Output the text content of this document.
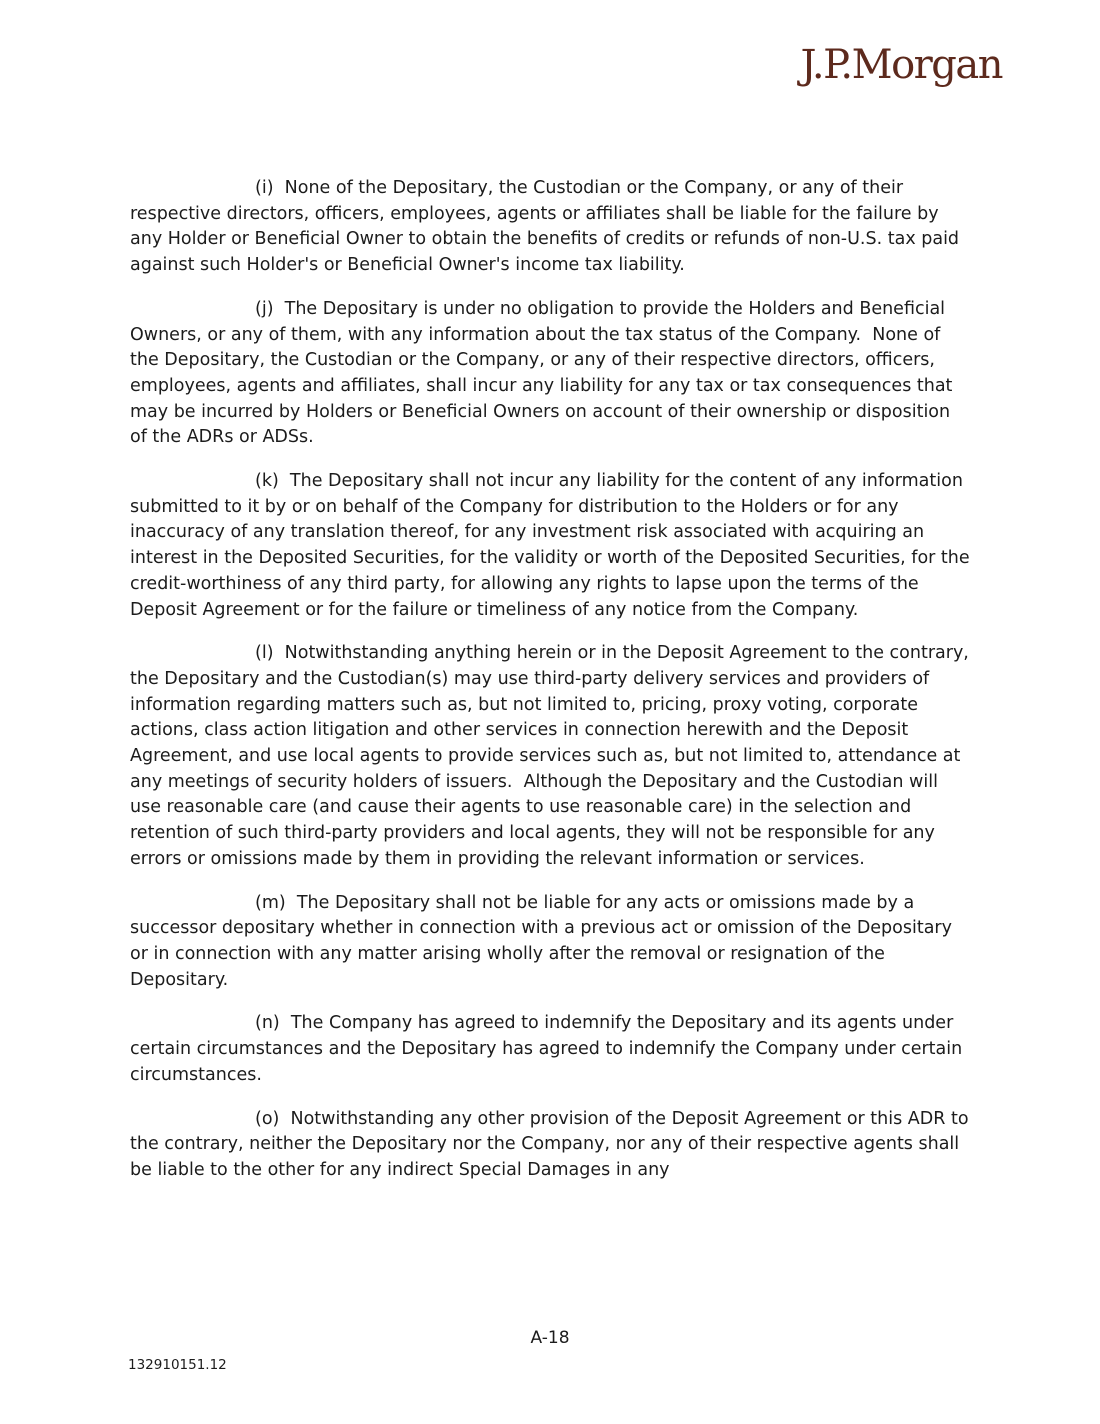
J.P.Morgan

(i)  None of the Depositary, the Custodian or the Company, or any of their respective directors, officers, employees, agents or affiliates shall be liable for the failure by any Holder or Beneficial Owner to obtain the benefits of credits or refunds of non-U.S. tax paid against such Holder's or Beneficial Owner's income tax liability.

(j)  The Depositary is under no obligation to provide the Holders and Beneficial Owners, or any of them, with any information about the tax status of the Company.  None of the Depositary, the Custodian or the Company, or any of their respective directors, officers, employees, agents and affiliates, shall incur any liability for any tax or tax consequences that may be incurred by Holders or Beneficial Owners on account of their ownership or disposition of the ADRs or ADSs.

(k)  The Depositary shall not incur any liability for the content of any information submitted to it by or on behalf of the Company for distribution to the Holders or for any inaccuracy of any translation thereof, for any investment risk associated with acquiring an interest in the Deposited Securities, for the validity or worth of the Deposited Securities, for the credit-worthiness of any third party, for allowing any rights to lapse upon the terms of the Deposit Agreement or for the failure or timeliness of any notice from the Company.

(l)  Notwithstanding anything herein or in the Deposit Agreement to the contrary, the Depositary and the Custodian(s) may use third-party delivery services and providers of information regarding matters such as, but not limited to, pricing, proxy voting, corporate actions, class action litigation and other services in connection herewith and the Deposit Agreement, and use local agents to provide services such as, but not limited to, attendance at any meetings of security holders of issuers.  Although the Depositary and the Custodian will use reasonable care (and cause their agents to use reasonable care) in the selection and retention of such third-party providers and local agents, they will not be responsible for any errors or omissions made by them in providing the relevant information or services.

(m)  The Depositary shall not be liable for any acts or omissions made by a successor depositary whether in connection with a previous act or omission of the Depositary or in connection with any matter arising wholly after the removal or resignation of the Depositary.

(n)  The Company has agreed to indemnify the Depositary and its agents under certain circumstances and the Depositary has agreed to indemnify the Company under certain circumstances.

(o)  Notwithstanding any other provision of the Deposit Agreement or this ADR to the contrary, neither the Depositary nor the Company, nor any of their respective agents shall be liable to the other for any indirect Special Damages in any

A-18
132910151.12
